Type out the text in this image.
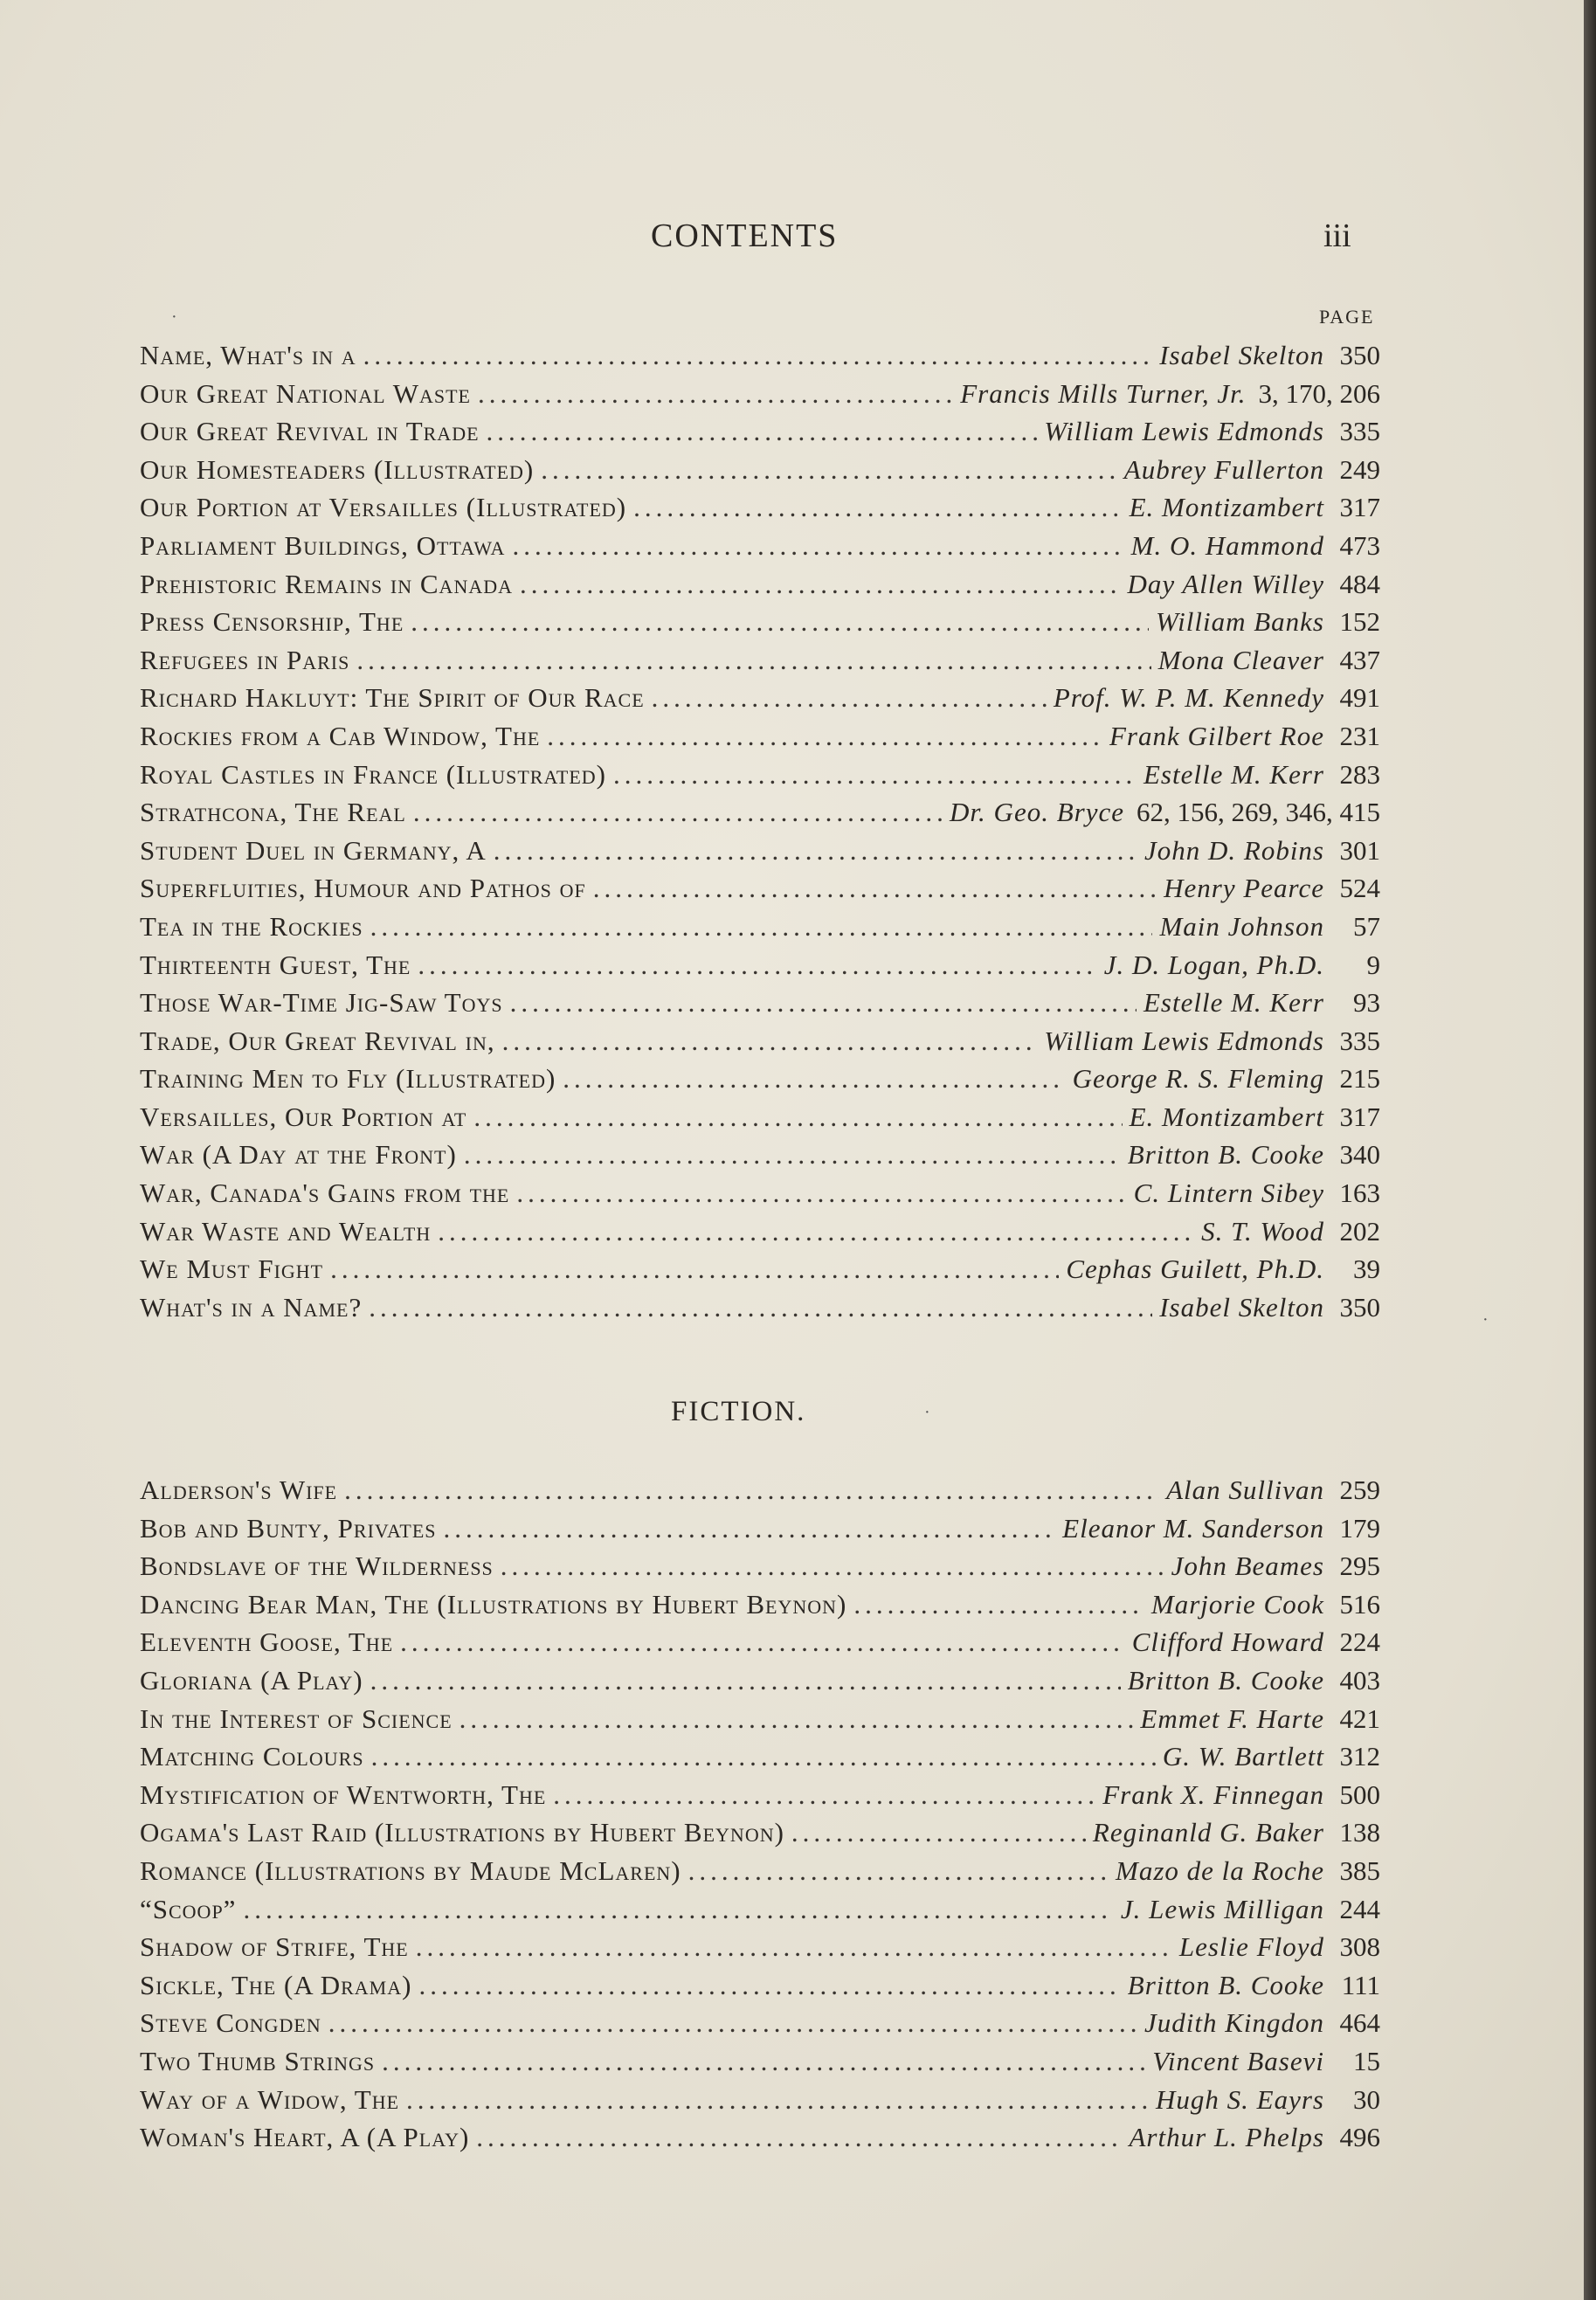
CONTENTS	iii
PAGE
Name, What's in a .....	Isabel Skelton 350
Our Great National Waste .....	Francis Mills Turner, Jr. 3, 170, 206
Our Great Revival in Trade .....	William Lewis Edmonds 335
Our Homesteaders (Illustrated) .....	Aubrey Fullerton 249
Our Portion at Versailles (Illustrated) .....	E. Montizambert 317
Parliament Buildings, Ottawa .....	M. O. Hammond 473
Prehistoric Remains in Canada .....	Day Allen Willey 484
Press Censorship, The .....	William Banks 152
Refugees in Paris .....	Mona Cleaver 437
Richard Hakluyt: The Spirit of Our Race .....	Prof. W. P. M. Kennedy 491
Rockies from a Cab Window, The .....	Frank Gilbert Roe 231
Royal Castles in France (Illustrated) .....	Estelle M. Kerr 283
Strathcona, The Real .....	Dr. Geo. Bryce 62, 156, 269, 346, 415
Student Duel in Germany, A .....	John D. Robins 301
Superfluities, Humour and Pathos of .....	Henry Pearce 524
Tea in the Rockies .....	Main Johnson	57
Thirteenth Guest, The .....	J. D. Logan, Ph.D.	9
Those War-Time Jig-Saw Toys .....	Estelle M. Kerr	93
Trade, Our Great Revival in, .....	William Lewis Edmonds 335
Training Men to Fly (Illustrated) .....	George R. S. Fleming 215
Versailles, Our Portion at .....	E. Montizambert 317
War (A Day at the Front) .....	Britton B. Cooke 340
War, Canada's Gains from the .....	C. Lintern Sibey 163
War Waste and Wealth .....	S. T. Wood 202
We Must Fight .....	Cephas Guilett, Ph.D.	39
What's in a Name? .....	Isabel Skelton 350
FICTION.
Alderson's Wife .....	Alan Sullivan 259
Bob and Bunty, Privates .....	Eleanor M. Sanderson 179
Bondslave of the Wilderness .....	John Beames 295
Dancing Bear Man, The (Illustrations by Hubert Beynon) .....	Marjorie Cook 516
Eleventh Goose, The .....	Clifford Howard 224
Gloriana (A Play) .....	Britton B. Cooke 403
In the Interest of Science .....	Emmet F. Harte 421
Matching Colours .....	G. W. Bartlett 312
Mystification of Wentworth, The .....	Frank X. Finnegan 500
Ogama's Last Raid (Illustrations by Hubert Beynon) .....	Reginanld G. Baker 138
Romance (Illustrations by Maude McLaren) .....	Mazo de la Roche 385
“Scoop” .....	J. Lewis Milligan 244
Shadow of Strife, The .....	Leslie Floyd 308
Sickle, The (A Drama) .....	Britton B. Cooke 111
Steve Congden .....	Judith Kingdon 464
Two Thumb Strings .....	Vincent Basevi	15
Way of a Widow, The .....	Hugh S. Eayrs	30
Woman's Heart, A (A Play) .....	Arthur L. Phelps 496
·
·
·
